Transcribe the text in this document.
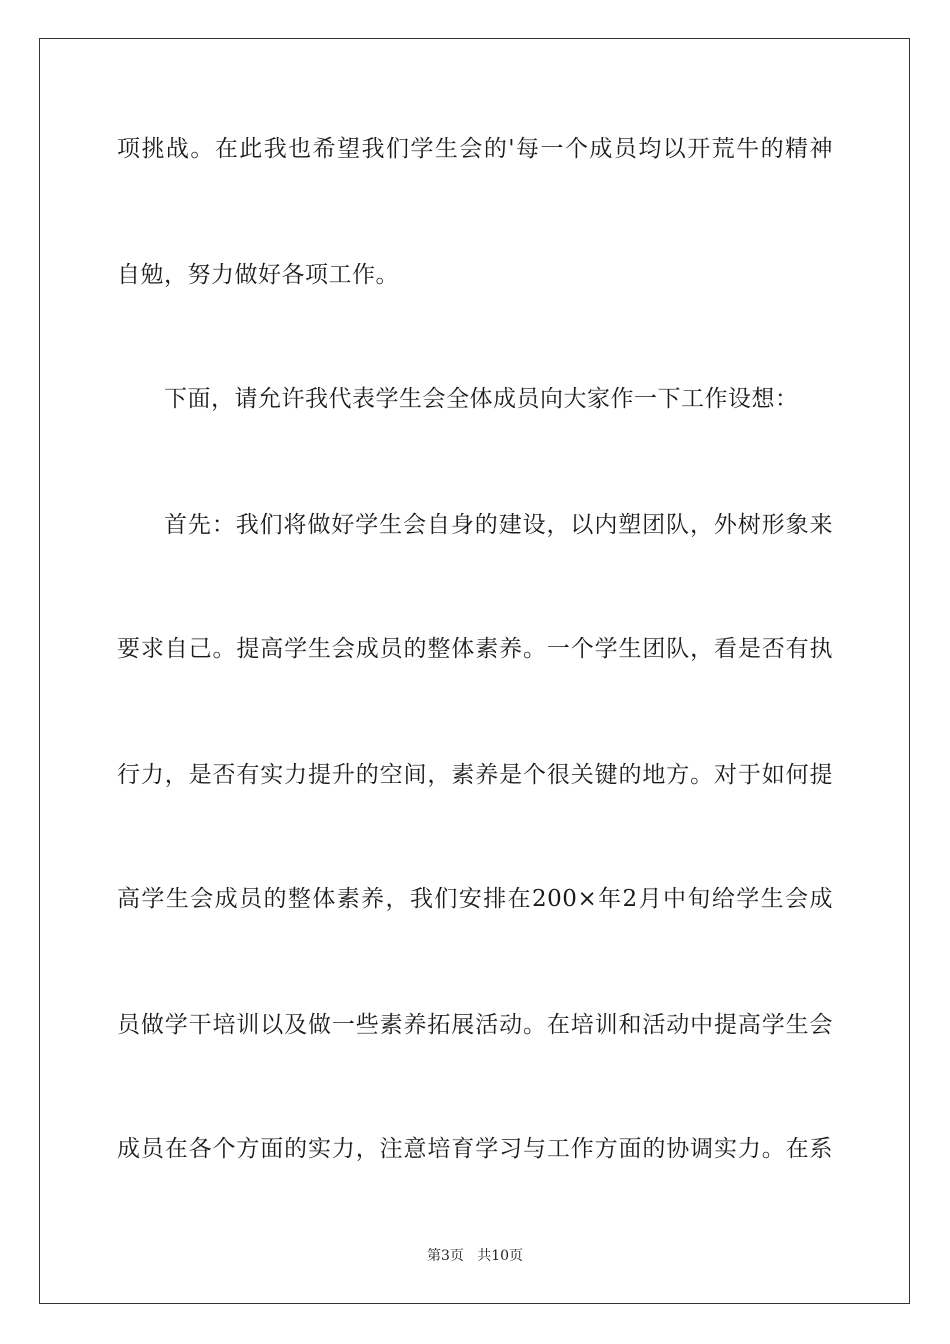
项挑战。在此我也希望我们学生会的'每一个成员均以开荒牛的精神
自勉，努力做好各项工作。
下面，请允许我代表学生会全体成员向大家作一下工作设想：
首先：我们将做好学生会自身的建设，以内塑团队，外树形象来
要求自己。提高学生会成员的整体素养。一个学生团队，看是否有执
行力，是否有实力提升的空间，素养是个很关键的地方。对于如何提
高学生会成员的整体素养，我们安排在200×年2月中旬给学生会成
员做学干培训以及做一些素养拓展活动。在培训和活动中提高学生会
成员在各个方面的实力，注意培育学习与工作方面的协调实力。在系
第3页   共10页
